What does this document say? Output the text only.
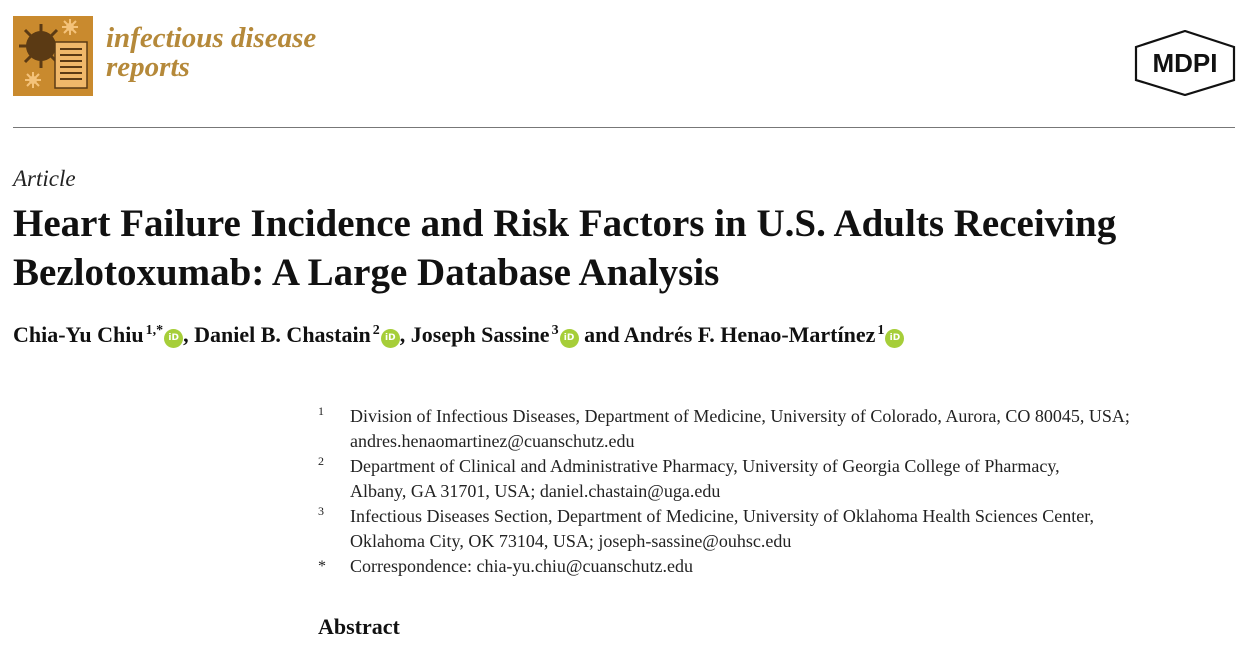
infectious disease
reports	MDPI
Article
Heart Failure Incidence and Risk Factors in U.S. Adults Receiving Bezlotoxumab: A Large Database Analysis
Chia-Yu Chiu $^{1,*}$ iD , Daniel B. Chastain $^2$ iD , Joseph Sassine $^3$ iD and Andrés F. Henao-Martínez $^1$ iD
1 Division of Infectious Diseases, Department of Medicine, University of Colorado, Aurora, CO 80045, USA;
andres.henaomartinez@cuanschutz.edu
2 Department of Clinical and Administrative Pharmacy, University of Georgia College of Pharmacy,
Albany, GA 31701, USA; daniel.chastain@uga.edu
3 Infectious Diseases Section, Department of Medicine, University of Oklahoma Health Sciences Center,
Oklahoma City, OK 73104, USA; joseph-sassine@ouhsc.edu
* Correspondence: chia-yu.chiu@cuanschutz.edu
Abstract
